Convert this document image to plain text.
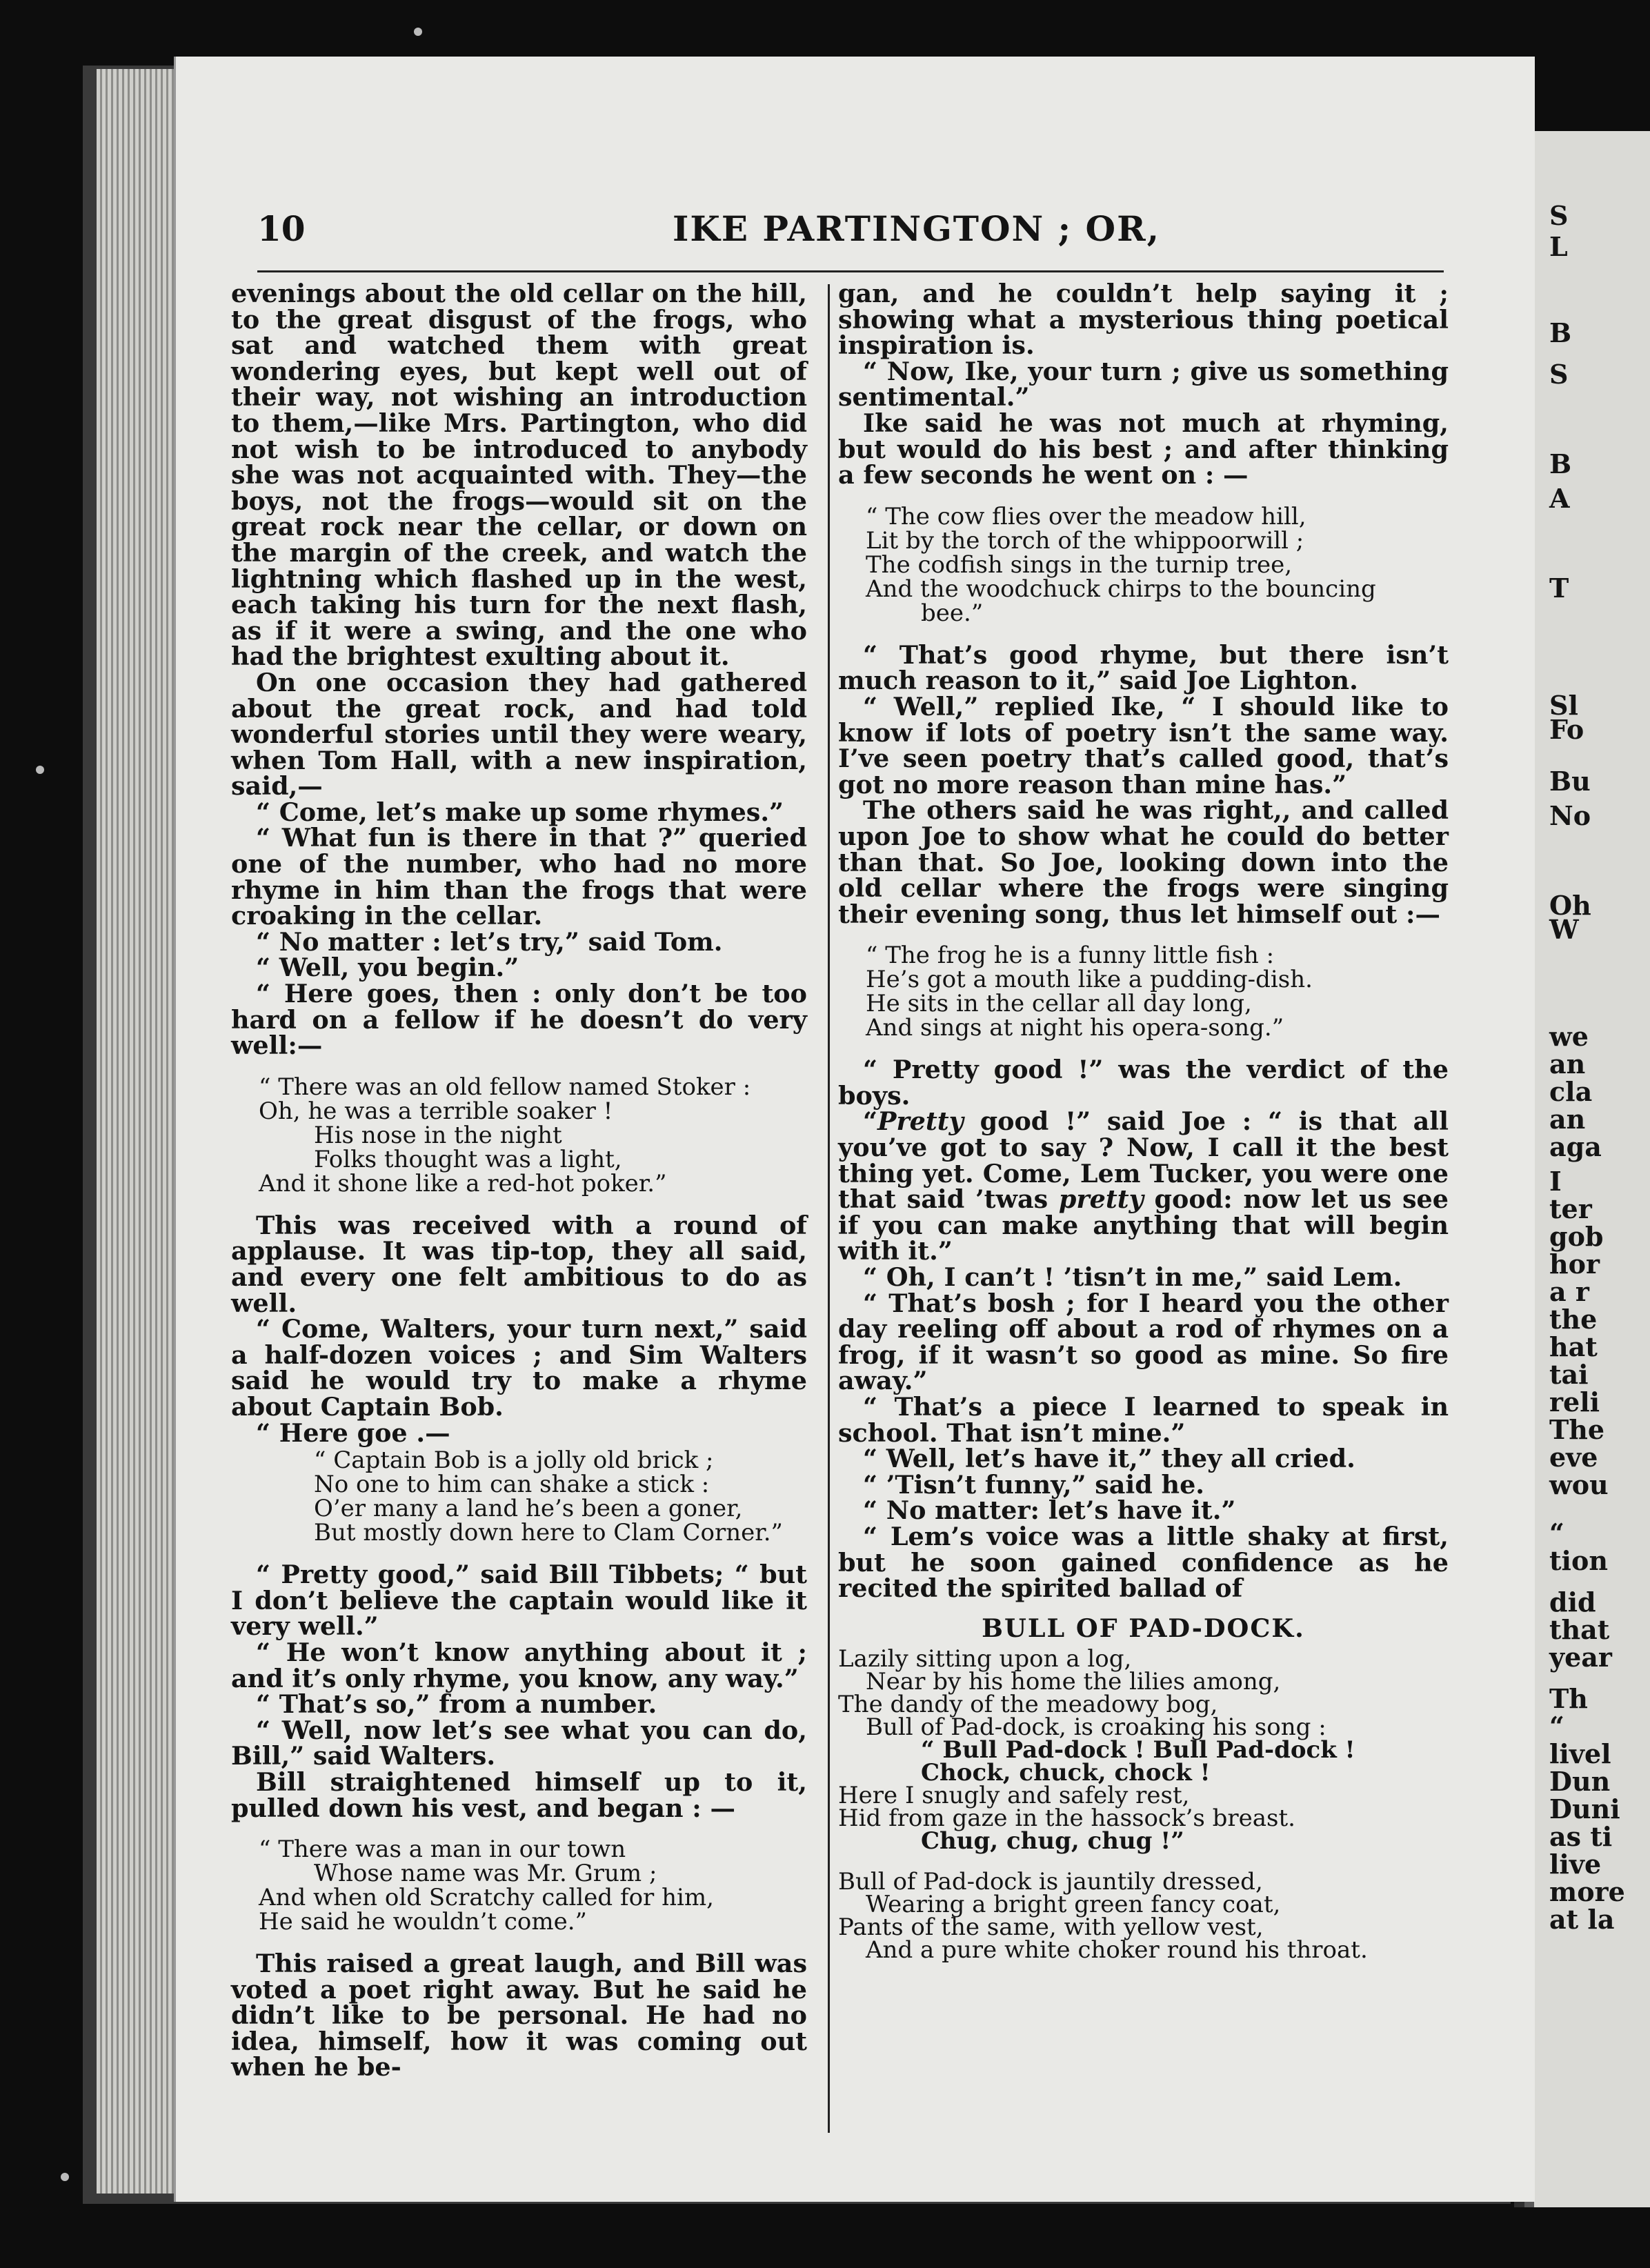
S
L
B
S
B
A
T
Sl
Fo
Bu
No
Oh
W
we
an
cla
an
aga
I
ter
gob
hor
a r
the
hat
tai
reli
The
eve
wou
“
tion
did
that
year
Th
“
livel
Dun
Duni
as ti
live
more
at la
10	IKE PARTINGTON ; OR,

evenings about the old cellar on the hill, to the great disgust of the frogs, who sat and watched them with great wondering eyes, but kept well out of their way, not wishing an introduction to them,—like Mrs. Partington, who did not wish to be introduced to anybody she was not acquainted with. They—the boys, not the frogs—would sit on the great rock near the cellar, or down on the margin of the creek, and watch the lightning which flashed up in the west, each taking his turn for the next flash, as if it were a swing, and the one who had the brightest exulting about it.

On one occasion they had gathered about the great rock, and had told wonderful stories until they were weary, when Tom Hall, with a new inspiration, said,—

“ Come, let’s make up some rhymes.”

“ What fun is there in that ?” queried one of the number, who had no more rhyme in him than the frogs that were croaking in the cellar.

“ No matter : let’s try,” said Tom.

“ Well, you begin.”

“ Here goes, then : only don’t be too hard on a fellow if he doesn’t do very well:—

“ There was an old fellow named Stoker :
Oh, he was a terrible soaker !
His nose in the night
Folks thought was a light,
And it shone like a red-hot poker.”

This was received with a round of applause. It was tip-top, they all said, and every one felt ambitious to do as well.

“ Come, Walters, your turn next,” said a half-dozen voices ; and Sim Walters said he would try to make a rhyme about Captain Bob.

“ Here goe .—

“ Captain Bob is a jolly old brick ;
No one to him can shake a stick :
O’er many a land he’s been a goner,
But mostly down here to Clam Corner.”

“ Pretty good,” said Bill Tibbets; “ but I don’t believe the captain would like it very well.”

“ He won’t know anything about it ; and it’s only rhyme, you know, any way.”

“ That’s so,” from a number.

“ Well, now let’s see what you can do, Bill,” said Walters.

Bill straightened himself up to it, pulled down his vest, and began : —

“ There was a man in our town
Whose name was Mr. Grum ;
And when old Scratchy called for him,
He said he wouldn’t come.”

This raised a great laugh, and Bill was voted a poet right away. But he said he didn’t like to be personal. He had no idea, himself, how it was coming out when he be-

gan, and he couldn’t help saying it ; showing what a mysterious thing poetical inspiration is.

“ Now, Ike, your turn ; give us something sentimental.”

Ike said he was not much at rhyming, but would do his best ; and after thinking a few seconds he went on : —

“ The cow flies over the meadow hill,
Lit by the torch of the whippoorwill ;
The codfish sings in the turnip tree,
And the woodchuck chirps to the bouncing
bee.”

“ That’s good rhyme, but there isn’t much reason to it,” said Joe Lighton.

“ Well,” replied Ike, “ I should like to know if lots of poetry isn’t the same way. I’ve seen poetry that’s called good, that’s got no more reason than mine has.”

The others said he was right,, and called upon Joe to show what he could do better than that. So Joe, looking down into the old cellar where the frogs were singing their evening song, thus let himself out :—

“ The frog he is a funny little fish :
He’s got a mouth like a pudding-dish.
He sits in the cellar all day long,
And sings at night his opera-song.”

“ Pretty good !” was the verdict of the boys.

“Pretty good !” said Joe : “ is that all you’ve got to say ? Now, I call it the best thing yet. Come, Lem Tucker, you were one that said ’twas pretty good: now let us see if you can make anything that will begin with it.”

“ Oh, I can’t ! ’tisn’t in me,” said Lem.

“ That’s bosh ; for I heard you the other day reeling off about a rod of rhymes on a frog, if it wasn’t so good as mine. So fire away.”

“ That’s a piece I learned to speak in school. That isn’t mine.”

“ Well, let’s have it,” they all cried.

“ ’Tisn’t funny,” said he.

“ No matter: let’s have it.”

“ Lem’s voice was a little shaky at first, but he soon gained confidence as he recited the spirited ballad of

BULL OF PAD-DOCK.
Lazily sitting upon a log,
Near by his home the lilies among,
The dandy of the meadowy bog,
Bull of Pad-dock, is croaking his song :
“ Bull Pad-dock ! Bull Pad-dock !
Chock, chuck, chock !
Here I snugly and safely rest,
Hid from gaze in the hassock’s breast.
Chug, chug, chug !”
Bull of Pad-dock is jauntily dressed,
Wearing a bright green fancy coat,
Pants of the same, with yellow vest,
And a pure white choker round his throat.
